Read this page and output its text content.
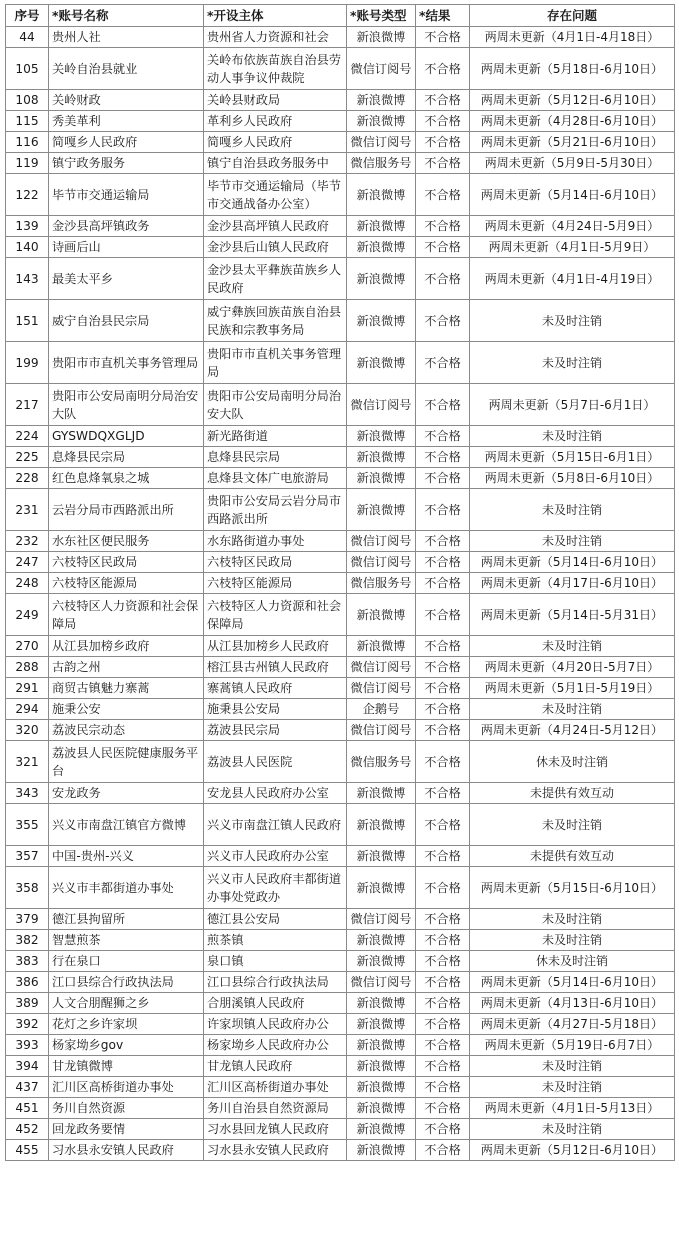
序号	*账号名称	*开设主体	*账号类型	*结果	存在问题
44	贵州人社	贵州省人力资源和社会	新浪微博	不合格	两周未更新（4月1日-4月18日）
105	关岭自治县就业	关岭布依族苗族自治县劳动人事争议仲裁院	微信订阅号	不合格	两周未更新（5月18日-6月10日）
108	关岭财政	关岭县财政局	新浪微博	不合格	两周未更新（5月12日-6月10日）
115	秀美革利	革利乡人民政府	新浪微博	不合格	两周未更新（4月28日-6月10日）
116	简嘎乡人民政府	简嘎乡人民政府	微信订阅号	不合格	两周未更新（5月21日-6月10日）
119	镇宁政务服务	镇宁自治县政务服务中	微信服务号	不合格	两周未更新（5月9日-5月30日）
122	毕节市交通运输局	毕节市交通运输局（毕节市交通战备办公室）	新浪微博	不合格	两周未更新（5月14日-6月10日）
139	金沙县高坪镇政务	金沙县高坪镇人民政府	新浪微博	不合格	两周未更新（4月24日-5月9日）
140	诗画后山	金沙县后山镇人民政府	新浪微博	不合格	两周未更新（4月1日-5月9日）
143	最美太平乡	金沙县太平彝族苗族乡人民政府	新浪微博	不合格	两周未更新（4月1日-4月19日）
151	威宁自治县民宗局	威宁彝族回族苗族自治县民族和宗教事务局	新浪微博	不合格	未及时注销
199	贵阳市市直机关事务管理局	贵阳市市直机关事务管理局	新浪微博	不合格	未及时注销
217	贵阳市公安局南明分局治安大队	贵阳市公安局南明分局治安大队	微信订阅号	不合格	两周未更新（5月7日-6月1日）
224	GYSWDQXGLJD	新光路街道	新浪微博	不合格	未及时注销
225	息烽县民宗局	息烽县民宗局	新浪微博	不合格	两周未更新（5月15日-6月1日）
228	红色息烽氧泉之城	息烽县文体广电旅游局	新浪微博	不合格	两周未更新（5月8日-6月10日）
231	云岩分局市西路派出所	贵阳市公安局云岩分局市西路派出所	新浪微博	不合格	未及时注销
232	水东社区便民服务	水东路街道办事处	微信订阅号	不合格	未及时注销
247	六枝特区民政局	六枝特区民政局	微信订阅号	不合格	两周未更新（5月14日-6月10日）
248	六枝特区能源局	六枝特区能源局	微信服务号	不合格	两周未更新（4月17日-6月10日）
249	六枝特区人力资源和社会保障局	六枝特区人力资源和社会保障局	新浪微博	不合格	两周未更新（5月14日-5月31日）
270	从江县加榜乡政府	从江县加榜乡人民政府	新浪微博	不合格	未及时注销
288	古韵之州	榕江县古州镇人民政府	微信订阅号	不合格	两周未更新（4月20日-5月7日）
291	商贸古镇魅力寨蒿	寨蒿镇人民政府	微信订阅号	不合格	两周未更新（5月1日-5月19日）
294	施秉公安	施秉县公安局	企鹅号	不合格	未及时注销
320	荔波民宗动态	荔波县民宗局	微信订阅号	不合格	两周未更新（4月24日-5月12日）
321	荔波县人民医院健康服务平台	荔波县人民医院	微信服务号	不合格	休未及时注销
343	安龙政务	安龙县人民政府办公室	新浪微博	不合格	未提供有效互动
355	兴义市南盘江镇官方微博	兴义市南盘江镇人民政府	新浪微博	不合格	未及时注销
357	中国-贵州-兴义	兴义市人民政府办公室	新浪微博	不合格	未提供有效互动
358	兴义市丰都街道办事处	兴义市人民政府丰都街道办事处党政办	新浪微博	不合格	两周未更新（5月15日-6月10日）
379	德江县拘留所	德江县公安局	微信订阅号	不合格	未及时注销
382	智慧煎茶	煎茶镇	新浪微博	不合格	未及时注销
383	行在泉口	泉口镇	新浪微博	不合格	休未及时注销
386	江口县综合行政执法局	江口县综合行政执法局	微信订阅号	不合格	两周未更新（5月14日-6月10日）
389	人文合朋醒狮之乡	合朋溪镇人民政府	新浪微博	不合格	两周未更新（4月13日-6月10日）
392	花灯之乡许家坝	许家坝镇人民政府办公	新浪微博	不合格	两周未更新（4月27日-5月18日）
393	杨家坳乡gov	杨家坳乡人民政府办公	新浪微博	不合格	两周未更新（5月19日-6月7日）
394	甘龙镇微博	甘龙镇人民政府	新浪微博	不合格	未及时注销
437	汇川区高桥街道办事处	汇川区高桥街道办事处	新浪微博	不合格	未及时注销
451	务川自然资源	务川自治县自然资源局	新浪微博	不合格	两周未更新（4月1日-5月13日）
452	回龙政务要情	习水县回龙镇人民政府	新浪微博	不合格	未及时注销
455	习水县永安镇人民政府	习水县永安镇人民政府	新浪微博	不合格	两周未更新（5月12日-6月10日）
